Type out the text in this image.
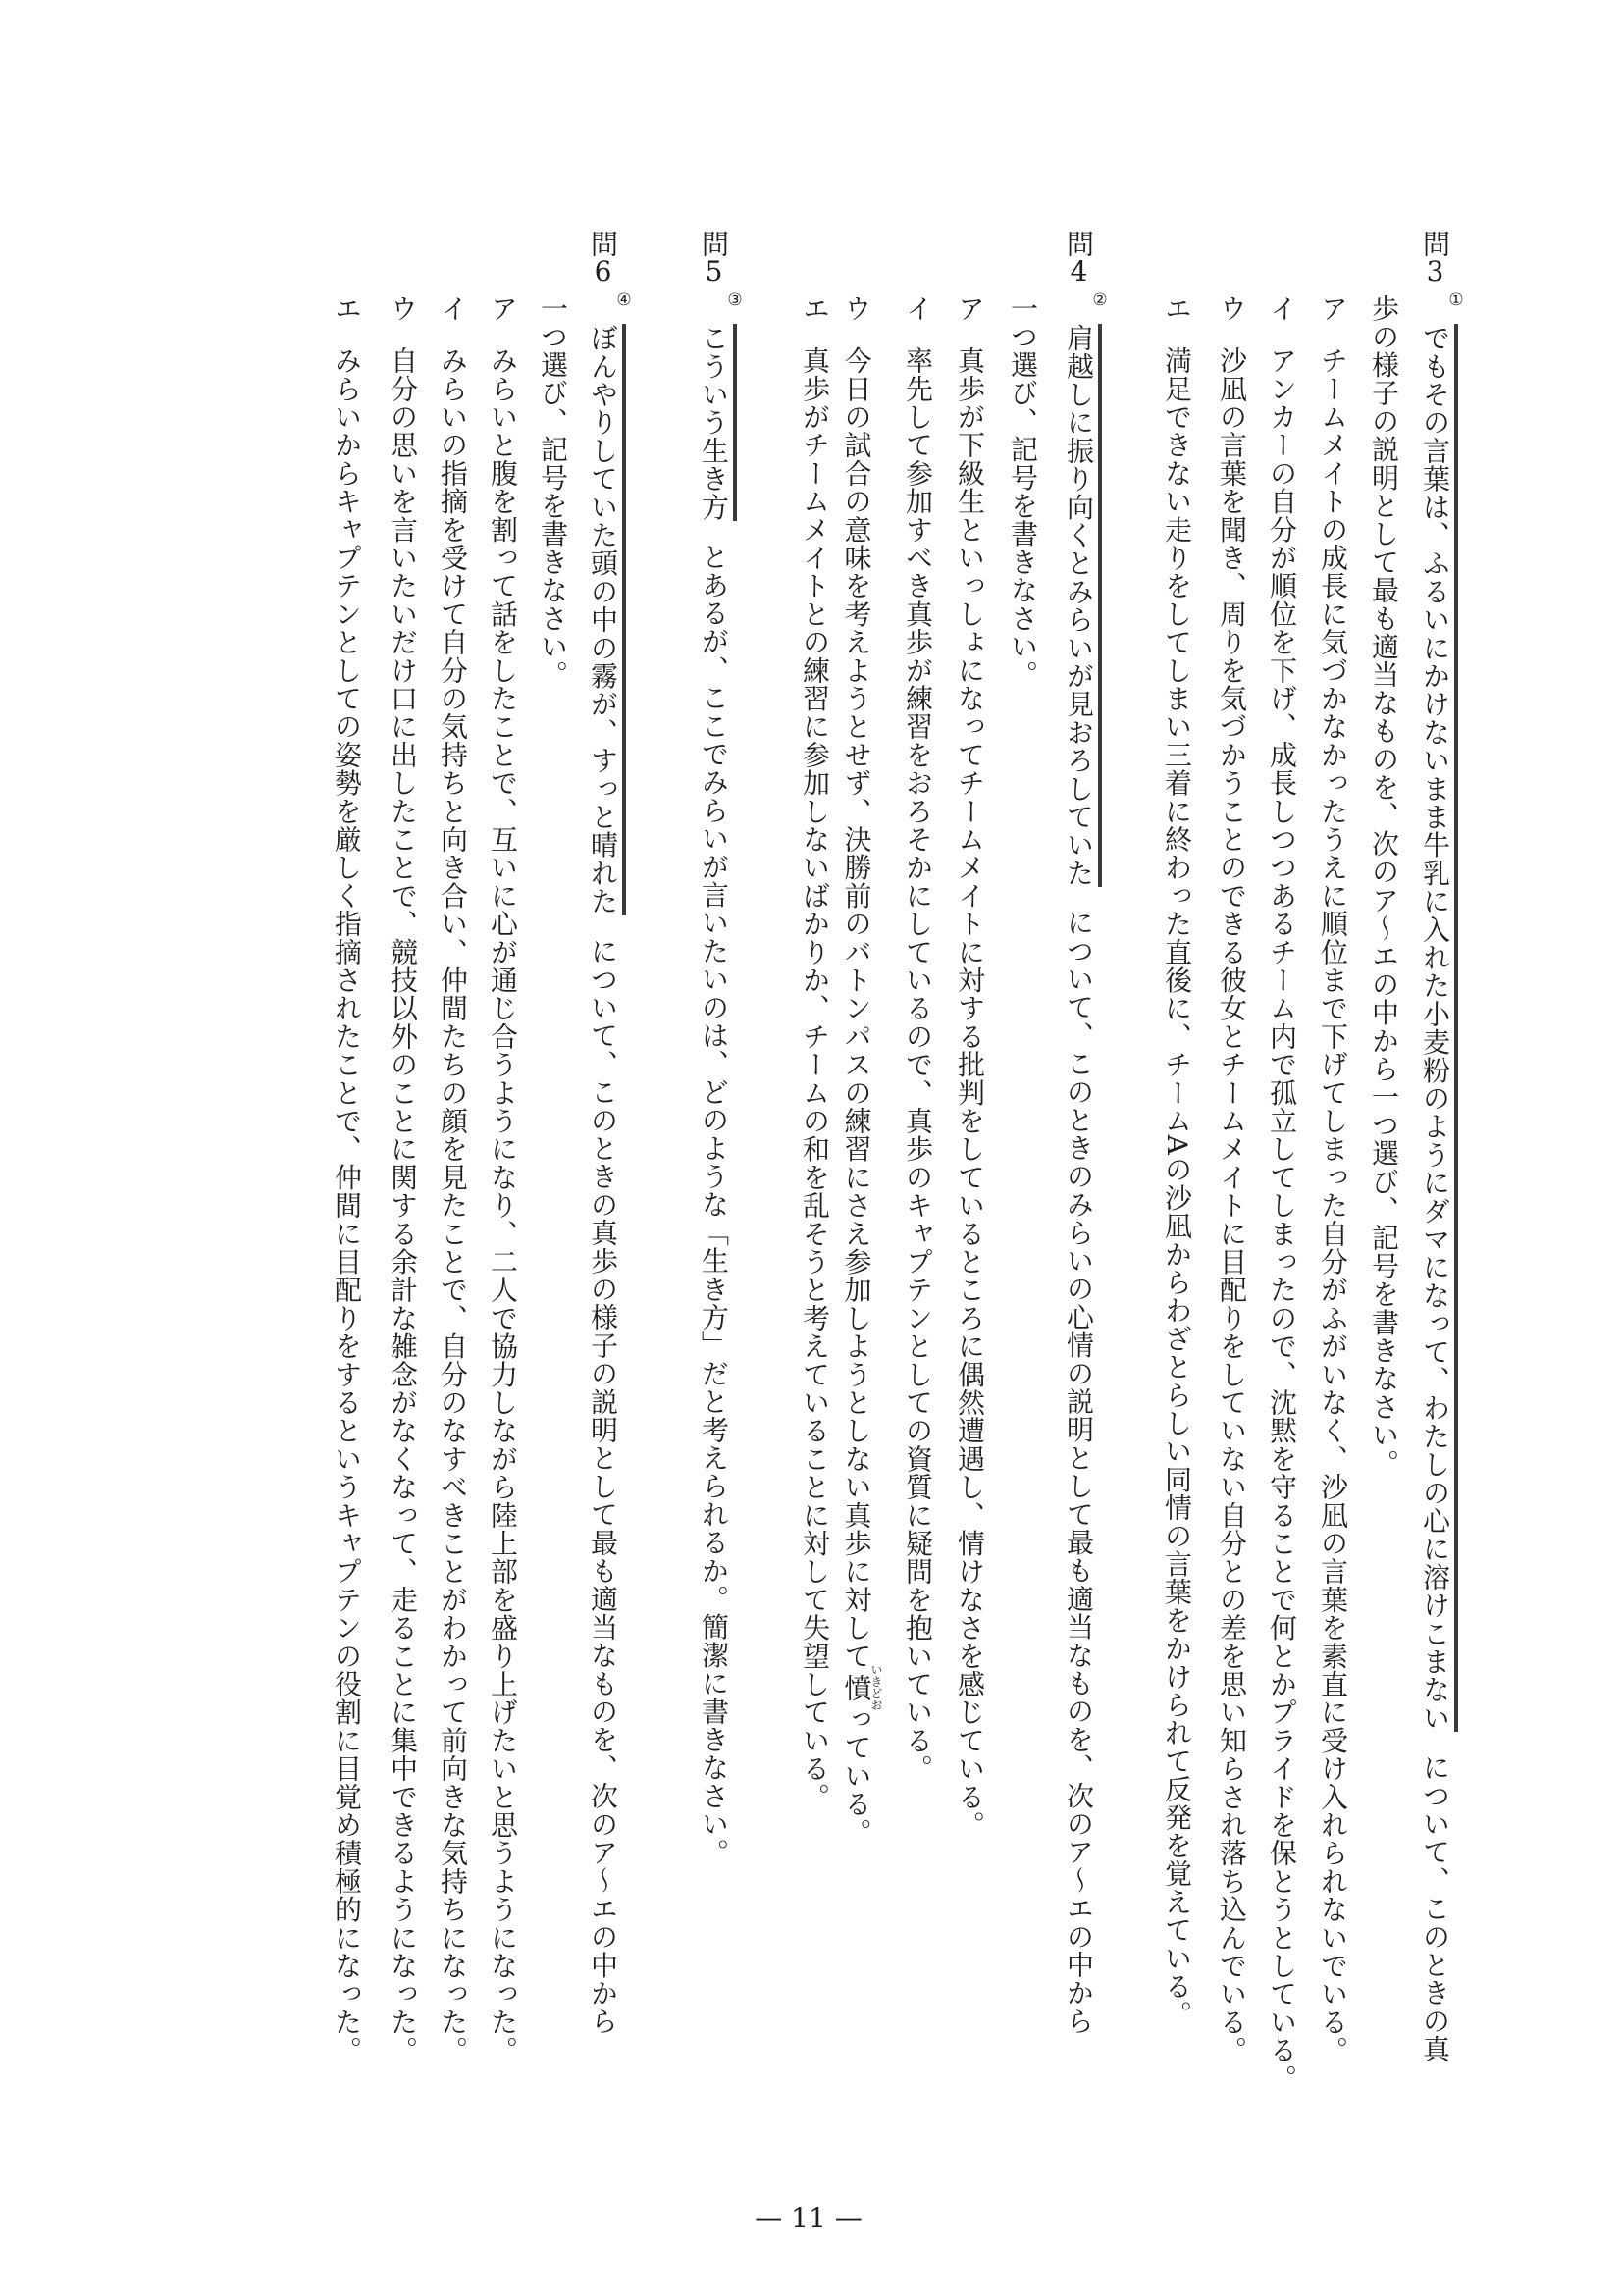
問3
①
でもその言葉は、ふるいにかけないまま牛乳に入れた小麦粉のようにダマになって、わたしの心に溶けこまないについて、このときの真
歩の様子の説明として最も適当なものを、次のア～エの中から一つ選び、記号を書きなさい。
アチームメイトの成長に気づかなかったうえに順位まで下げてしまった自分がふがいなく、沙凪の言葉を素直に受け入れられないでいる。
イアンカーの自分が順位を下げ、成長しつつあるチーム内で孤立してしまったので、沈黙を守ることで何とかプライドを保とうとしている。
ウ沙凪の言葉を聞き、周りを気づかうことのできる彼女とチームメイトに目配りをしていない自分との差を思い知らされ落ち込んでいる。
エ満足できない走りをしてしまい三着に終わった直後に、チームAの沙凪からわざとらしい同情の言葉をかけられて反発を覚えている。
問4
②
肩越しに振り向くとみらいが見おろしていたについて、このときのみらいの心情の説明として最も適当なものを、次のア～エの中から
一つ選び、記号を書きなさい。
ア真歩が下級生といっしょになってチームメイトに対する批判をしているところに偶然遭遇し、情けなさを感じている。
イ率先して参加すべき真歩が練習をおろそかにしているので、真歩のキャプテンとしての資質に疑問を抱いている。
ウ今日の試合の意味を考えようとせず、決勝前のバトンパスの練習にさえ参加しようとしない真歩に対して憤いきどおっている。
エ真歩がチームメイトとの練習に参加しないばかりか、チームの和を乱そうと考えていることに対して失望している。
問5
③
こういう生き方とあるが、ここでみらいが言いたいのは、どのような「生き方」だと考えられるか。簡潔に書きなさい。
問6
④
ぼんやりしていた頭の中の霧が、すっと晴れたについて、このときの真歩の様子の説明として最も適当なものを、次のア～エの中から
一つ選び、記号を書きなさい。
アみらいと腹を割って話をしたことで、互いに心が通じ合うようになり、二人で協力しながら陸上部を盛り上げたいと思うようになった。
イみらいの指摘を受けて自分の気持ちと向き合い、仲間たちの顔を見たことで、自分のなすべきことがわかって前向きな気持ちになった。
ウ自分の思いを言いたいだけ口に出したことで、競技以外のことに関する余計な雑念がなくなって、走ることに集中できるようになった。
エみらいからキャプテンとしての姿勢を厳しく指摘されたことで、仲間に目配りをするというキャプテンの役割に目覚め積極的になった。
— 11 —
